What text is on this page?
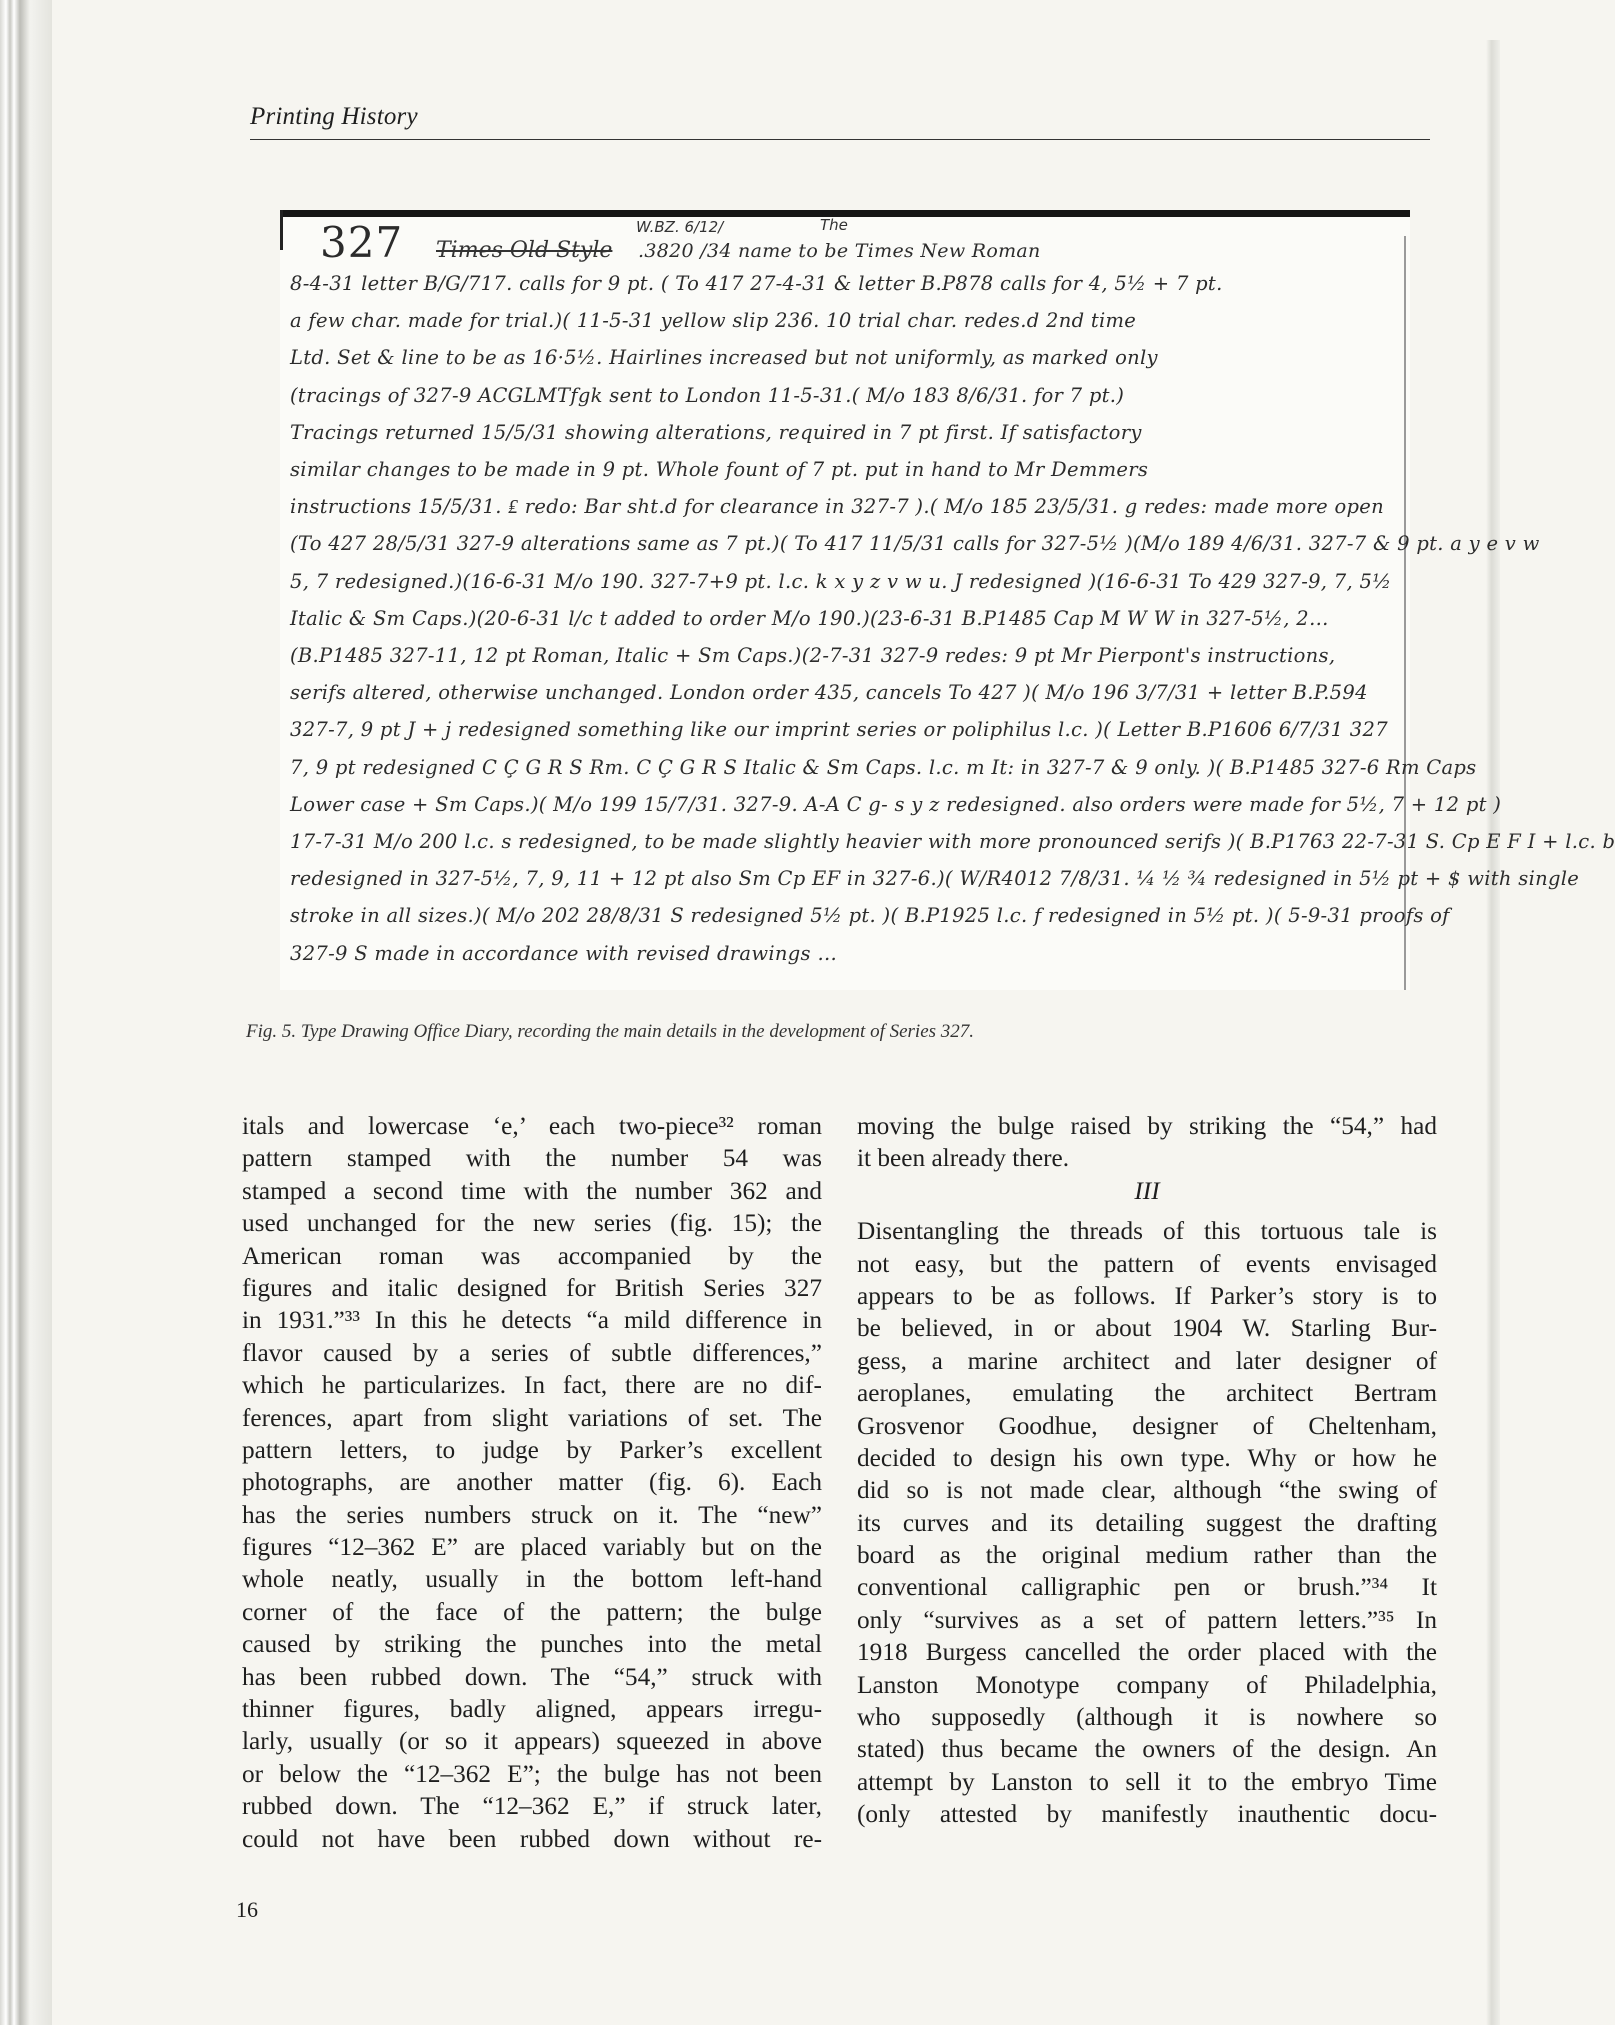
Printing History
327 Times Old Style
W.BZ. 6/12/	The
.3820 /34 name to be Times New Roman
8-4-31 letter B/G/717. calls for 9 pt. ( To 417 27-4-31 & letter B.P878 calls for 4, 5½ + 7 pt.
a few char. made for trial.)( 11-5-31 yellow slip 236. 10 trial char. redes.d 2nd time
Ltd. Set & line to be as 16·5½. Hairlines increased but not uniformly, as marked only
(tracings of 327-9 ACGLMTfgk sent to London 11-5-31.( M/o 183 8/6/31. for 7 pt.)
Tracings returned 15/5/31 showing alterations, required in 7 pt first. If satisfactory
similar changes to be made in 9 pt. Whole fount of 7 pt. put in hand to Mr Demmers
instructions 15/5/31. ₤ redo: Bar sht.d for clearance in 327-7 ).( M/o 185 23/5/31. g redes: made more open
(To 427 28/5/31 327-9 alterations same as 7 pt.)( To 417 11/5/31 calls for 327-5½ )(M/o 189 4/6/31. 327-7 & 9 pt. a y e v w
5, 7 redesigned.)(16-6-31 M/o 190. 327-7+9 pt. l.c. k x y z v w u. J redesigned )(16-6-31 To 429 327-9, 7, 5½
Italic & Sm Caps.)(20-6-31 l/c t added to order M/o 190.)(23-6-31 B.P1485 Cap M W W in 327-5½, 2…
(B.P1485 327-11, 12 pt Roman, Italic + Sm Caps.)(2-7-31 327-9 redes: 9 pt Mr Pierpont's instructions,
serifs altered, otherwise unchanged. London order 435, cancels To 427 )( M/o 196 3/7/31 + letter B.P.594
327-7, 9 pt J + j redesigned something like our imprint series or poliphilus l.c. )( Letter B.P1606 6/7/31 327
7, 9 pt redesigned C Ç G R S Rm. C Ç G R S Italic & Sm Caps. l.c. m It: in 327-7 & 9 only. )( B.P1485 327-6 Rm Caps
Lower case + Sm Caps.)( M/o 199 15/7/31. 327-9. A-A C g- s y z redesigned. also orders were made for 5½, 7 + 12 pt )
17-7-31 M/o 200 l.c. s redesigned, to be made slightly heavier with more pronounced serifs )( B.P1763 22-7-31 S. Cp E F I + l.c. b
redesigned in 327-5½, 7, 9, 11 + 12 pt also Sm Cp EF in 327-6.)( W/R4012 7/8/31. ¼ ½ ¾ redesigned in 5½ pt + $ with single
stroke in all sizes.)( M/o 202 28/8/31 S redesigned 5½ pt. )( B.P1925 l.c. f redesigned in 5½ pt. )( 5-9-31 proofs of
327-9 S made in accordance with revised drawings …
Fig. 5. Type Drawing Office Diary, recording the main details in the development of Series 327.
itals and lowercase ‘e,’ each two-piece³² roman
pattern stamped with the number 54 was
stamped a second time with the number 362 and
used unchanged for the new series (fig. 15); the
American roman was accompanied by the
figures and italic designed for British Series 327
in 1931.”³³ In this he detects “a mild difference in
flavor caused by a series of subtle differences,”
which he particularizes. In fact, there are no dif-
ferences, apart from slight variations of set. The
pattern letters, to judge by Parker’s excellent
photographs, are another matter (fig. 6). Each
has the series numbers struck on it. The “new”
figures “12–362 E” are placed variably but on the
whole neatly, usually in the bottom left-hand
corner of the face of the pattern; the bulge
caused by striking the punches into the metal
has been rubbed down. The “54,” struck with
thinner figures, badly aligned, appears irregu-
larly, usually (or so it appears) squeezed in above
or below the “12–362 E”; the bulge has not been
rubbed down. The “12–362 E,” if struck later,
could not have been rubbed down without re-
moving the bulge raised by striking the “54,” had
it been already there.
III
Disentangling the threads of this tortuous tale is
not easy, but the pattern of events envisaged
appears to be as follows. If Parker’s story is to
be believed, in or about 1904 W. Starling Bur-
gess, a marine architect and later designer of
aeroplanes, emulating the architect Bertram
Grosvenor Goodhue, designer of Cheltenham,
decided to design his own type. Why or how he
did so is not made clear, although “the swing of
its curves and its detailing suggest the drafting
board as the original medium rather than the
conventional calligraphic pen or brush.”³⁴ It
only “survives as a set of pattern letters.”³⁵ In
1918 Burgess cancelled the order placed with the
Lanston Monotype company of Philadelphia,
who supposedly (although it is nowhere so
stated) thus became the owners of the design. An
attempt by Lanston to sell it to the embryo Time
(only attested by manifestly inauthentic docu-
16
